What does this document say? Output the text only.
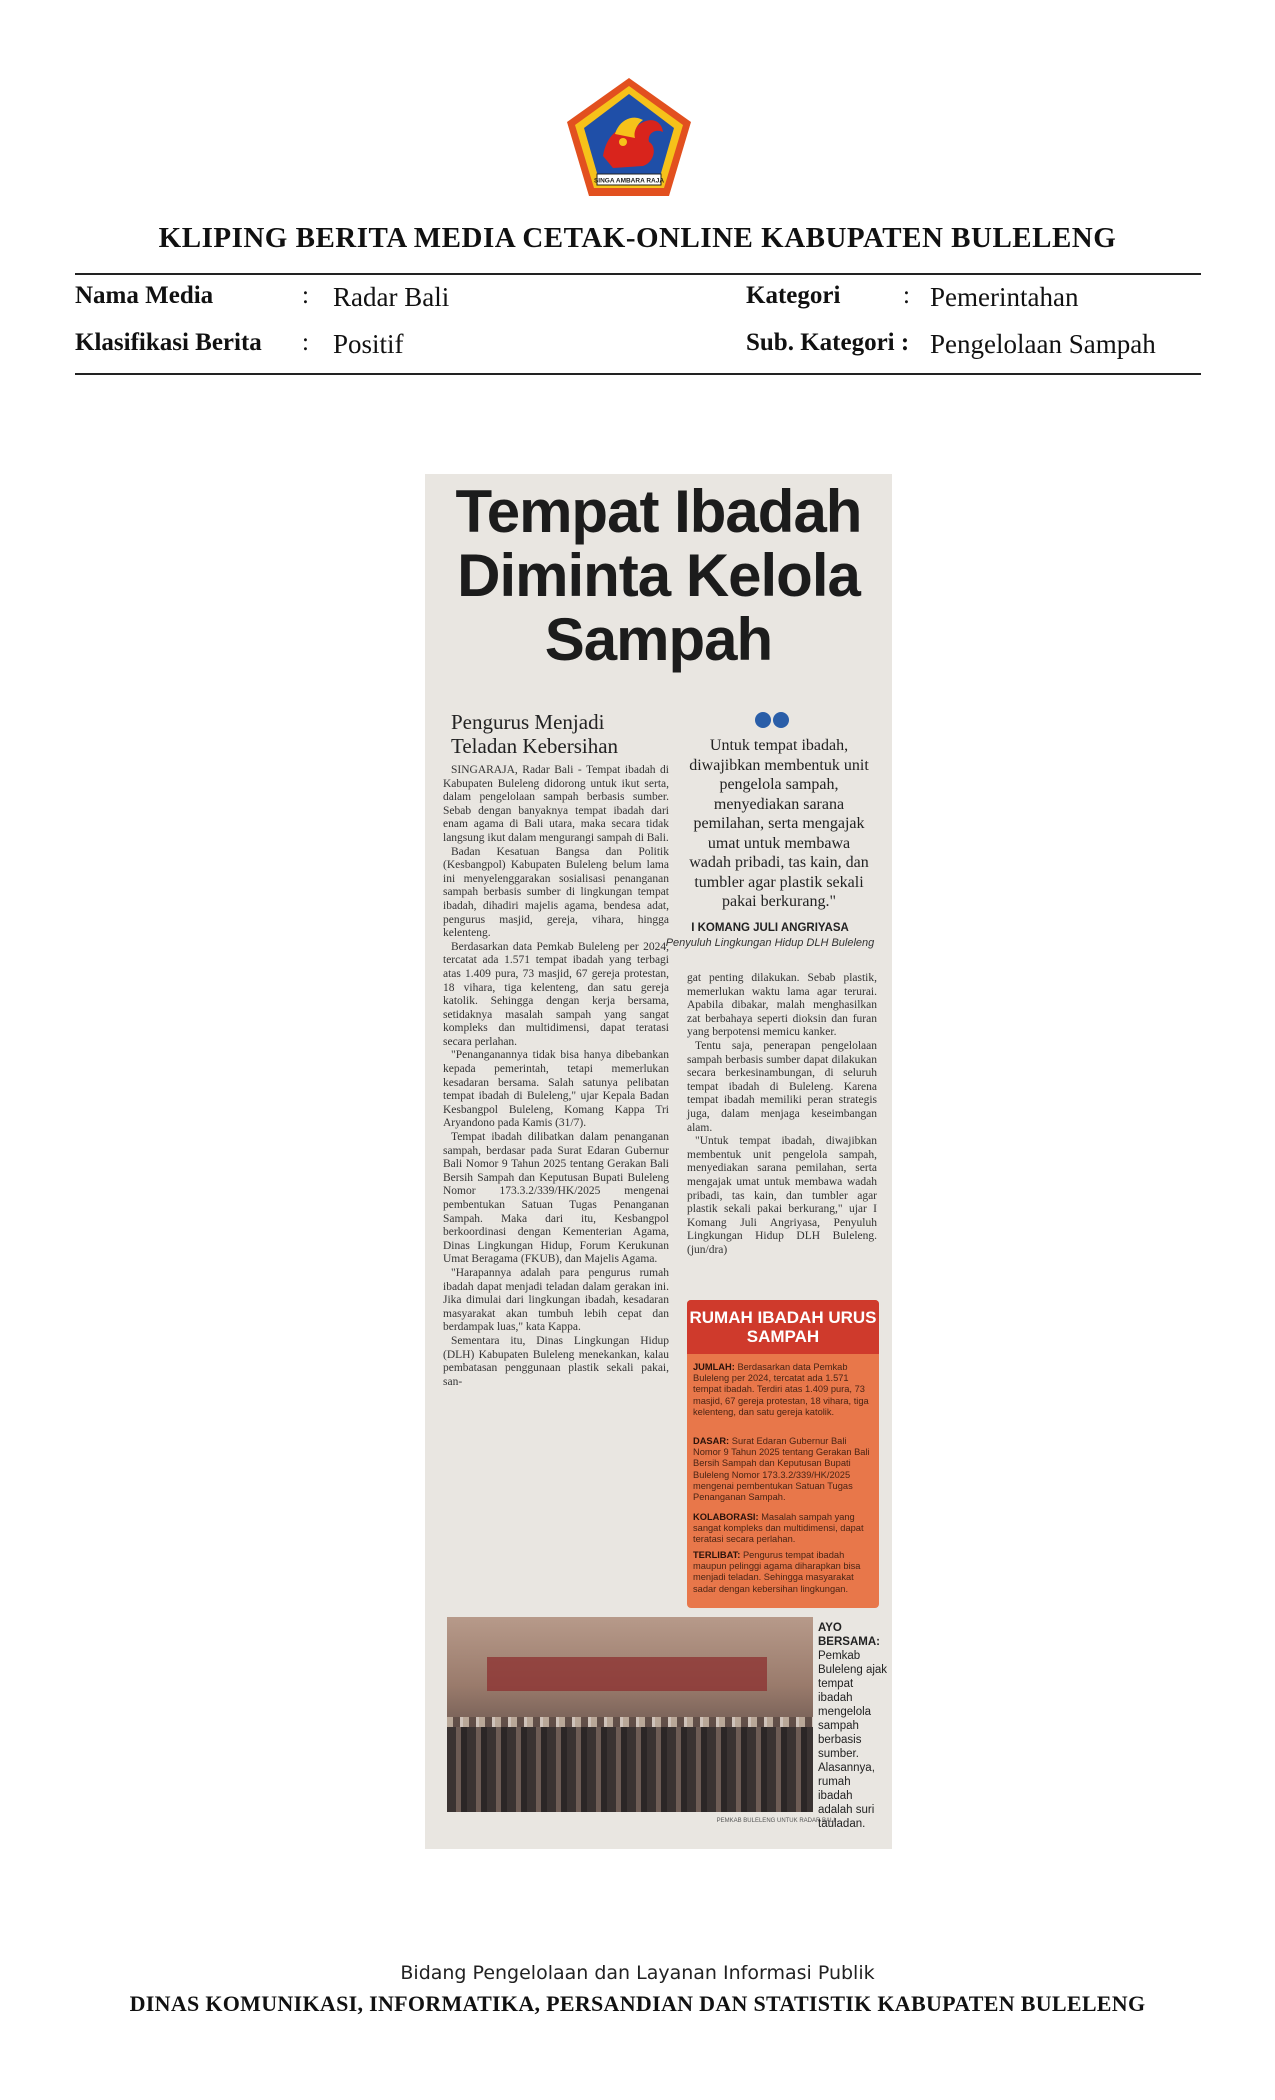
SINGA AMBARA RAJA
KLIPING BERITA MEDIA CETAK-ONLINE KABUPATEN BULELENG
Nama Media	: Radar Bali	Kategori	: Pemerintahan
Klasifikasi Berita : Positif	Sub. Kategori : Pengelolaan Sampah
Tempat Ibadah
Diminta Kelola
Sampah
Pengurus Menjadi Teladan Kebersihan

SINGARAJA, Radar Bali - Tempat ibadah di Kabupaten Buleleng didorong untuk ikut serta, dalam pengelolaan sampah berbasis sumber. Sebab dengan banyaknya tempat ibadah dari enam agama di Bali utara, maka secara tidak langsung ikut dalam mengurangi sampah di Bali.

Badan Kesatuan Bangsa dan Politik (Kesbangpol) Kabupaten Buleleng belum lama ini menyelenggarakan sosialisasi penanganan sampah berbasis sumber di lingkungan tempat ibadah, dihadiri majelis agama, bendesa adat, pengurus masjid, gereja, vihara, hingga kelenteng.

Berdasarkan data Pemkab Buleleng per 2024, tercatat ada 1.571 tempat ibadah yang terbagi atas 1.409 pura, 73 masjid, 67 gereja protestan, 18 vihara, tiga kelenteng, dan satu gereja katolik. Sehingga dengan kerja bersama, setidaknya masalah sampah yang sangat kompleks dan multidimensi, dapat teratasi secara perlahan.

"Penanganannya tidak bisa hanya dibebankan kepada pemerintah, tetapi memerlukan kesadaran bersama. Salah satunya pelibatan tempat ibadah di Buleleng," ujar Kepala Badan Kesbangpol Buleleng, Komang Kappa Tri Aryandono pada Kamis (31/7).

Tempat ibadah dilibatkan dalam penanganan sampah, berdasar pada Surat Edaran Gubernur Bali Nomor 9 Tahun 2025 tentang Gerakan Bali Bersih Sampah dan Keputusan Bupati Buleleng Nomor 173.3.2/339/HK/2025 mengenai pembentukan Satuan Tugas Penanganan Sampah. Maka dari itu, Kesbangpol berkoordinasi dengan Kementerian Agama, Dinas Lingkungan Hidup, Forum Kerukunan Umat Beragama (FKUB), dan Majelis Agama.

"Harapannya adalah para pengurus rumah ibadah dapat menjadi teladan dalam gerakan ini. Jika dimulai dari lingkungan ibadah, kesadaran masyarakat akan tumbuh lebih cepat dan berdampak luas," kata Kappa.

Sementara itu, Dinas Lingkungan Hidup (DLH) Kabupaten Buleleng menekankan, kalau pembatasan penggunaan plastik sekali pakai, san-

Untuk tempat ibadah, diwajibkan membentuk unit pengelola sampah, menyediakan sarana pemilahan, serta mengajak umat untuk membawa wadah pribadi, tas kain, dan tumbler agar plastik sekali pakai berkurang."
I KOMANG JULI ANGRIYASA
Penyuluh Lingkungan Hidup DLH Buleleng

gat penting dilakukan. Sebab plastik, memerlukan waktu lama agar terurai. Apabila dibakar, malah menghasilkan zat berbahaya seperti dioksin dan furan yang berpotensi memicu kanker.

Tentu saja, penerapan pengelolaan sampah berbasis sumber dapat dilakukan secara berkesinambungan, di seluruh tempat ibadah di Buleleng. Karena tempat ibadah memiliki peran strategis juga, dalam menjaga keseimbangan alam.

"Untuk tempat ibadah, diwajibkan membentuk unit pengelola sampah, menyediakan sarana pemilahan, serta mengajak umat untuk membawa wadah pribadi, tas kain, dan tumbler agar plastik sekali pakai berkurang," ujar I Komang Juli Angriyasa, Penyuluh Lingkungan Hidup DLH Buleleng. (jun/dra)

RUMAH IBADAH URUS SAMPAH
JUMLAH: Berdasarkan data Pemkab Buleleng per 2024, tercatat ada 1.571 tempat ibadah. Terdiri atas 1.409 pura, 73 masjid, 67 gereja protestan, 18 vihara, tiga kelenteng, dan satu gereja katolik.
DASAR: Surat Edaran Gubernur Bali Nomor 9 Tahun 2025 tentang Gerakan Bali Bersih Sampah dan Keputusan Bupati Buleleng Nomor 173.3.2/339/HK/2025 mengenai pembentukan Satuan Tugas Penanganan Sampah.
KOLABORASI: Masalah sampah yang sangat kompleks dan multidimensi, dapat teratasi secara perlahan.
TERLIBAT: Pengurus tempat ibadah maupun pelinggi agama diharapkan bisa menjadi teladan. Sehingga masyarakat sadar dengan kebersihan lingkungan.
PEMKAB BULELENG UNTUK RADAR BALI
AYO BERSAMA: Pemkab Buleleng ajak tempat ibadah mengelola sampah berbasis sumber. Alasannya, rumah ibadah adalah suri tauladan.
Bidang Pengelolaan dan Layanan Informasi Publik
DINAS KOMUNIKASI, INFORMATIKA, PERSANDIAN DAN STATISTIK KABUPATEN BULELENG
